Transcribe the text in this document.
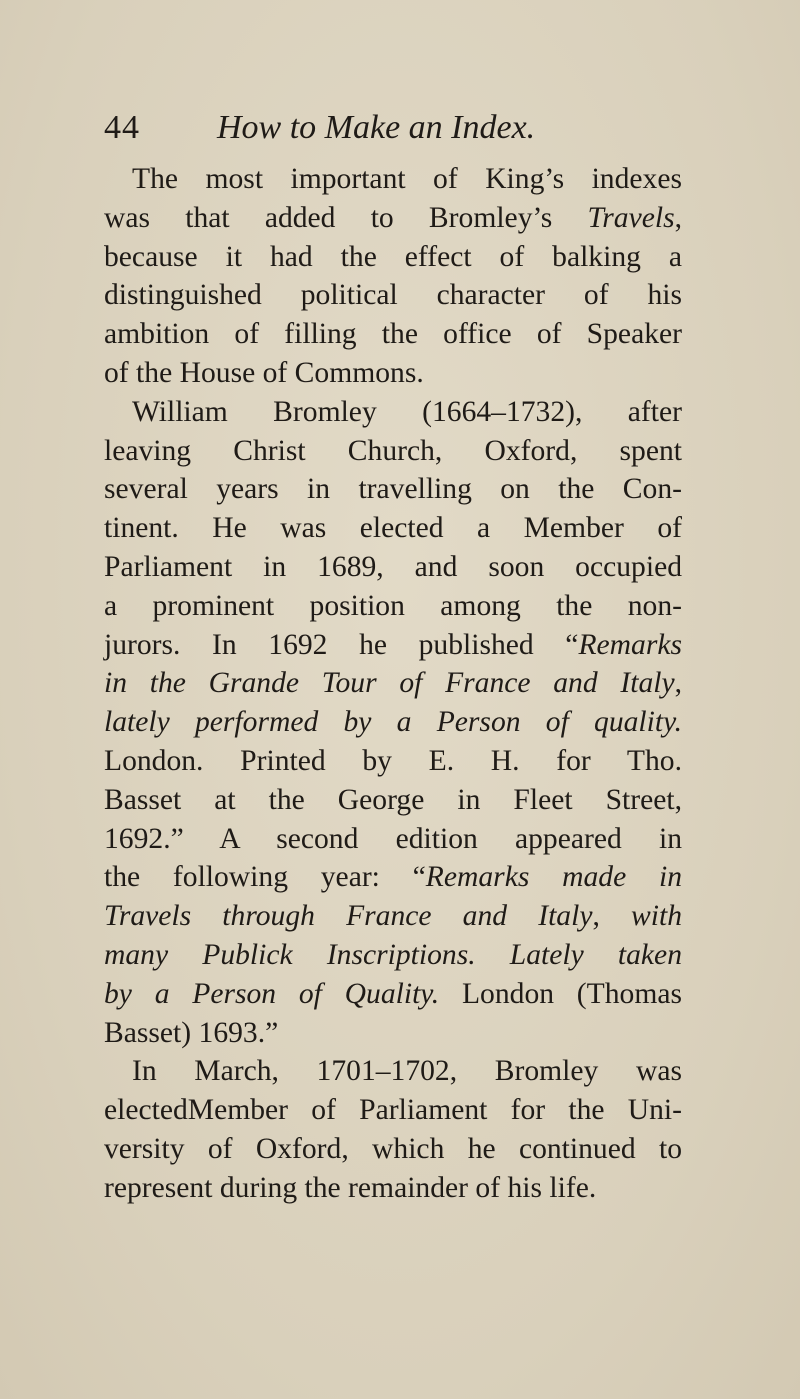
44 How to Make an Index.
The most important of King’s indexes
was that added to Bromley’s Travels,
because it had the effect of balking a
distinguished political character of his
ambition of filling the office of Speaker
of the House of Commons.
William Bromley (1664–1732), after
leaving Christ Church, Oxford, spent
several years in travelling on the Con-
tinent. He was elected a Member of
Parliament in 1689, and soon occupied
a prominent position among the non-
jurors. In 1692 he published “Remarks
in the Grande Tour of France and Italy,
lately performed by a Person of quality.
London. Printed by E. H. for Tho.
Basset at the George in Fleet Street,
1692.” A second edition appeared in
the following year: “Remarks made in
Travels through France and Italy, with
many Publick Inscriptions. Lately taken
by a Person of Quality. London (Thomas
Basset) 1693.”
In March, 1701–1702, Bromley was
electedMember of Parliament for the Uni-
versity of Oxford, which he continued to
represent during the remainder of his life.
